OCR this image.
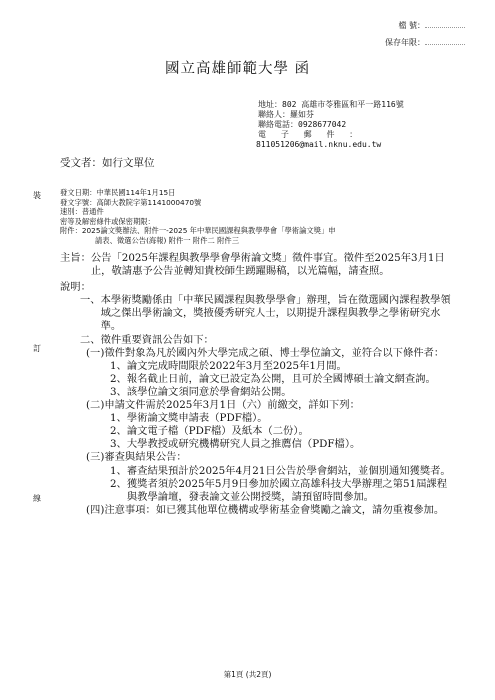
檔 號：
保存年限：
國立高雄師範大學 函
地址：802 高雄市苓雅區和平一路116號
聯絡人：羅如芬
聯絡電話：0928677042
電 子 郵 件 ：
811051206@mail.nknu.edu.tw
受文者：如行文單位
裝
訂
線
發文日期：中華民國114年1月15日
發文字號：高師大教院字第1141000470號
速別：普通件
密等及解密條件或保密期限：
附件：2025論文獎辦法、附件一-2025 年中華民國課程與教學學會「學術論文獎」申
請表、徵選公告(海報) 附件一 附件二 附件三
主旨： 公告「2025年課程與教學學會學術論文獎」徵件事宜。徵件至2025年3月1日止，敬請惠予公告並轉知貴校師生踴躍賜稿，以光篇幅，請查照。
說明：
一、 本學術獎勵係由「中華民國課程與教學學會」辦理，旨在徵選國內課程教學領域之傑出學術論文，獎掖優秀研究人士，以期提升課程與教學之學術研究水準。
二、 徵件重要資訊公告如下：
(一) 徵件對象為凡於國內外大學完成之碩、博士學位論文，並符合以下條件者：
1、 論文完成時間限於2022年3月至2025年1月間。
2、 報名截止日前，論文已設定為公開，且可於全國博碩士論文網查詢。
3、 該學位論文須同意於學會網站公開。
(二) 申請文件需於2025年3月1日（六）前繳交，詳如下列：
1、 學術論文獎申請表（PDF檔）。
2、 論文電子檔（PDF檔）及紙本（二份）。
3、 大學教授或研究機構研究人員之推薦信（PDF檔）。
(三) 審查與結果公告：
1、 審查結果預計於2025年4月21日公告於學會網站，並個別通知獲獎者。
2、 獲獎者須於2025年5月9日參加於國立高雄科技大學辦理之第51屆課程與教學論壇，發表論文並公開授獎，請預留時間參加。
(四) 注意事項：如已獲其他單位機構或學術基金會獎勵之論文，請勿重複參加。
第1頁 (共2頁)
